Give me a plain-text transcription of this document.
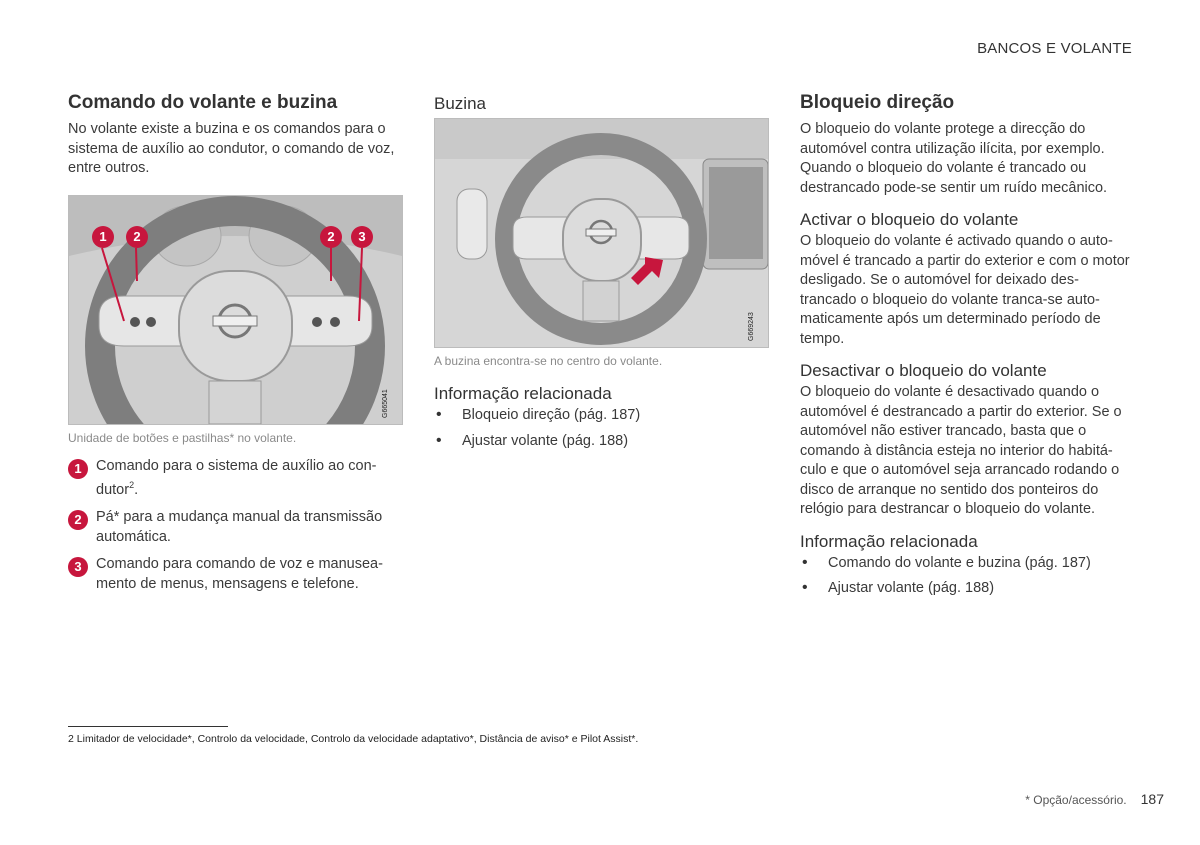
BANCOS E VOLANTE
Comando do volante e buzina

No volante existe a buzina e os comandos para o sistema de auxílio ao condutor, o comando de voz, entre outros.

1	2	2	3
G665041
Unidade de botões e pastilhas* no volante.
1 Comando para o sistema de auxílio ao con-dutor$^2$.
2 Pá* para a mudança manual da transmissão automática.
3 Comando para comando de voz e manusea-mento de menus, mensagens e telefone.
Buzina
G669243
A buzina encontra-se no centro do volante.
Informação relacionada
• Bloqueio direção (pág. 187)
• Ajustar volante (pág. 188)
Bloqueio direção

O bloqueio do volante protege a direcção do automóvel contra utilização ilícita, por exemplo. Quando o bloqueio do volante é trancado ou destrancado pode-se sentir um ruído mecânico.

Activar o bloqueio do volante

O bloqueio do volante é activado quando o auto-móvel é trancado a partir do exterior e com o motor desligado. Se o automóvel for deixado des-trancado o bloqueio do volante tranca-se auto-maticamente após um determinado período de tempo.

Desactivar o bloqueio do volante

O bloqueio do volante é desactivado quando o automóvel é destrancado a partir do exterior. Se o automóvel não estiver trancado, basta que o comando à distância esteja no interior do habitá-culo e que o automóvel seja arrancado rodando o disco de arranque no sentido dos ponteiros do relógio para destrancar o bloqueio do volante.

Informação relacionada
• Comando do volante e buzina (pág. 187)
• Ajustar volante (pág. 188)
2 Limitador de velocidade*, Controlo da velocidade, Controlo da velocidade adaptativo*, Distância de aviso* e Pilot Assist*.
* Opção/acessório. 187
